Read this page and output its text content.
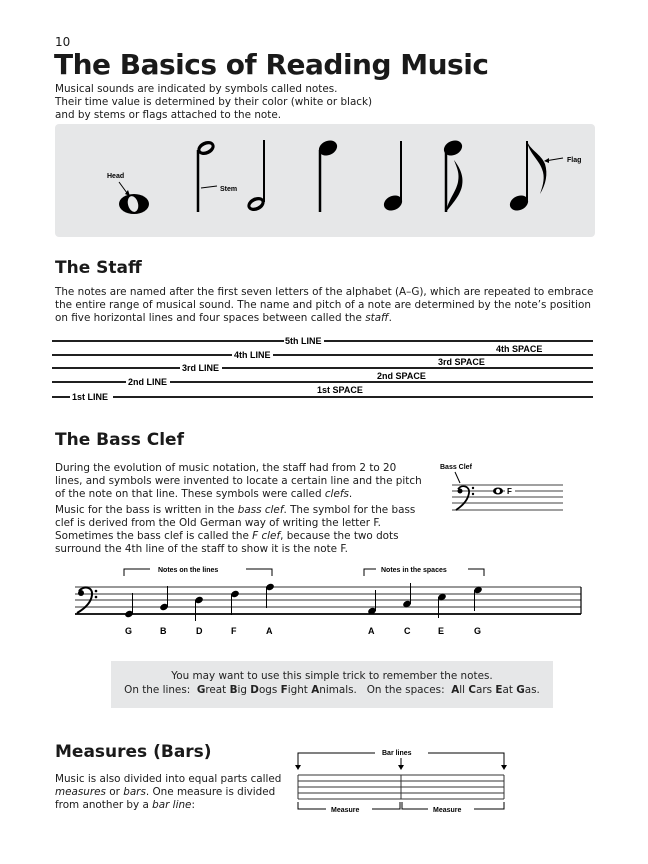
10
The Basics of Reading Music
Musical sounds are indicated by symbols called notes.
Their time value is determined by their color (white or black)
and by stems or flags attached to the note.
Head
Stem
Flag
The Staff
The notes are named after the first seven letters of the alphabet (A–G), which are repeated to embrace the entire range of musical sound. The name and pitch of a note are determined by the note’s position on five horizontal lines and four spaces between called the staff.
1st LINE
2nd LINE
3rd LINE
4th LINE
5th LINE
1st SPACE
2nd SPACE
3rd SPACE
4th SPACE
The Bass Clef
During the evolution of music notation, the staff had from 2 to 20 lines, and symbols were invented to locate a certain line and the pitch of the note on that line. These symbols were called clefs.
Music for the bass is written in the bass clef. The symbol for the bass clef is derived from the Old German way of writing the letter F. Sometimes the bass clef is called the F clef, because the two dots surround the 4th line of the staff to show it is the note F.
Bass Clef
F
Notes on the lines	Notes in the spaces
G	B	D	F	A	A	C	E	G
You may want to use this simple trick to remember the notes.
On the lines: Great Big Dogs Fight Animals. On the spaces: All Cars Eat Gas.
Measures (Bars)
Music is also divided into equal parts called measures or bars. One measure is divided from another by a bar line:
Bar lines
Measure	Measure
